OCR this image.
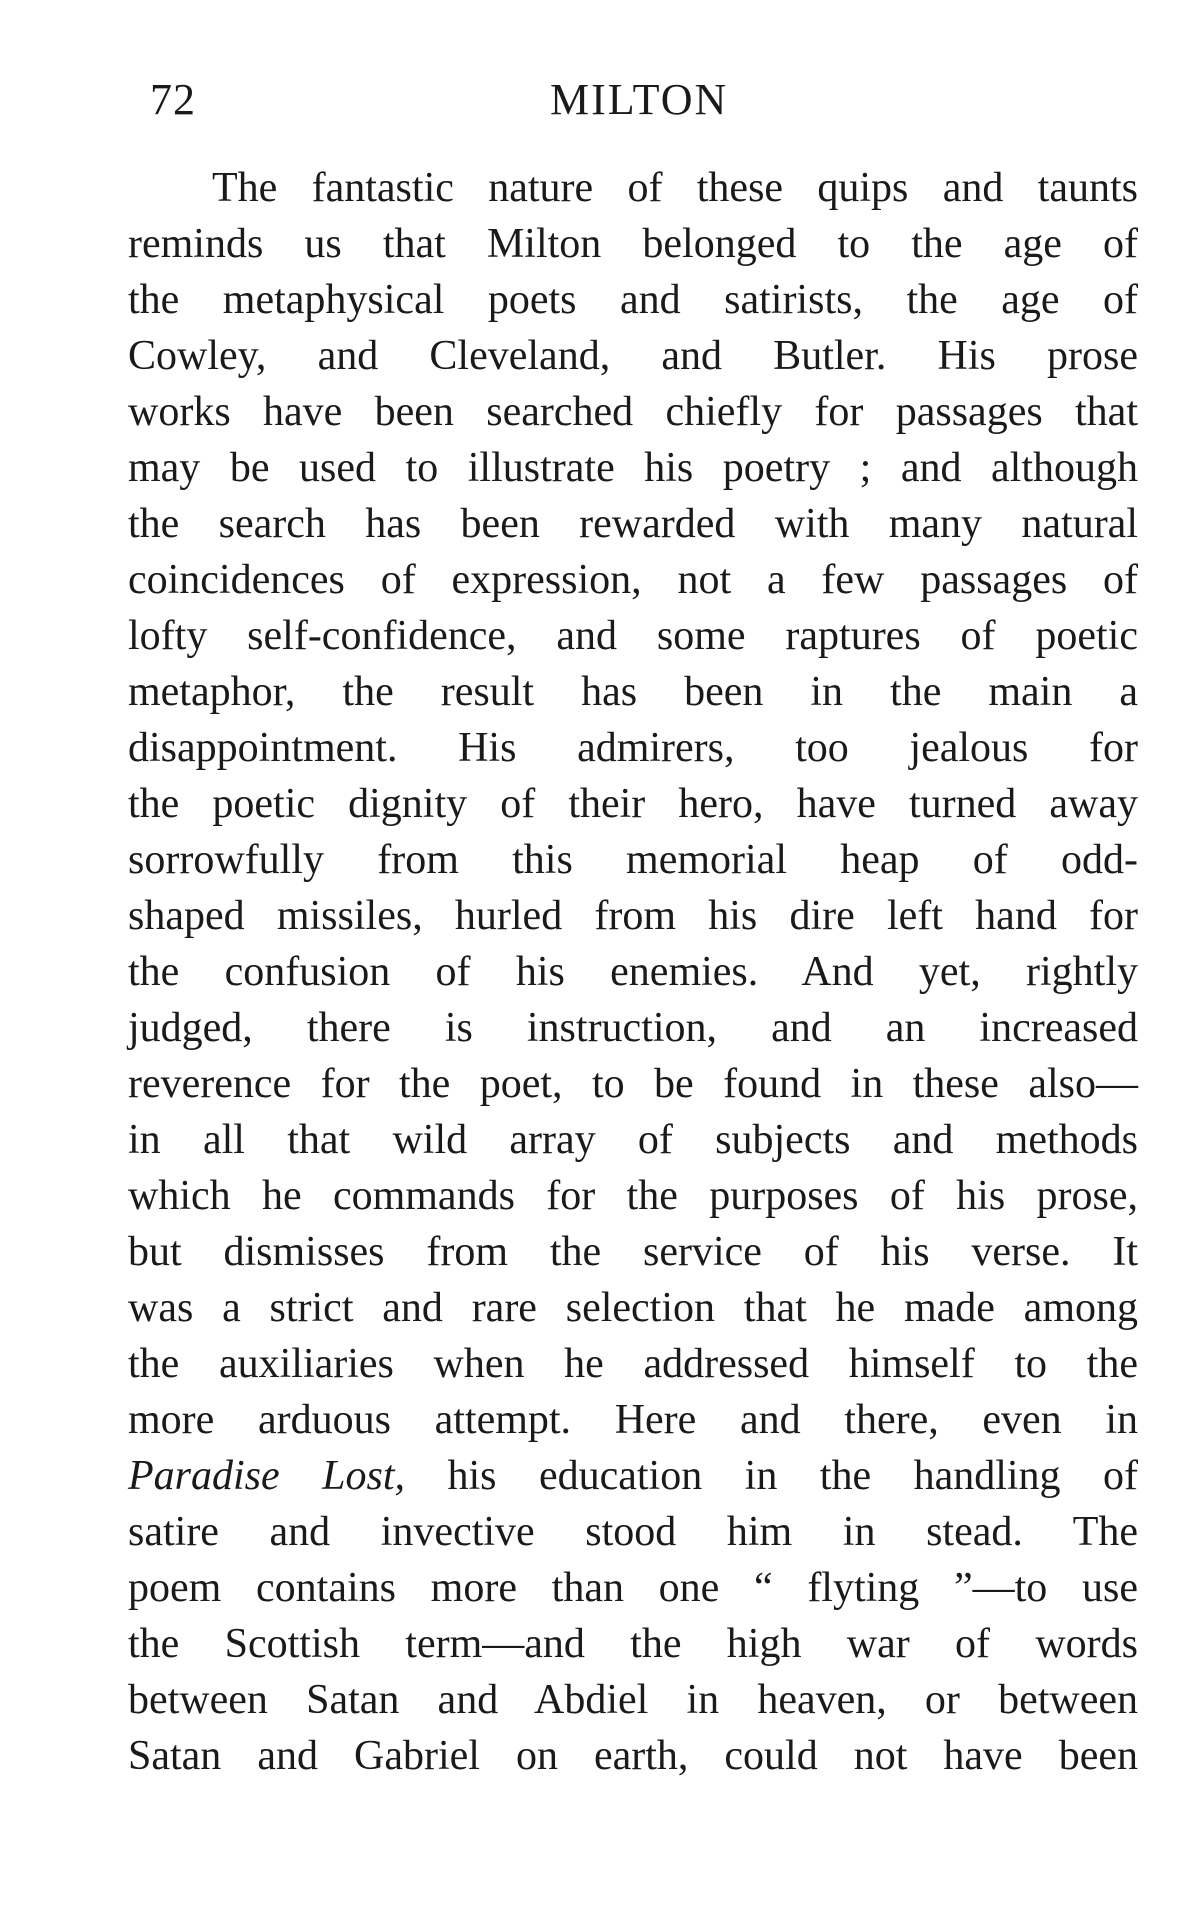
72	MILTON
The fantastic nature of these quips and taunts
reminds us that Milton belonged to the age of
the metaphysical poets and satirists, the age of
Cowley, and Cleveland, and Butler. His prose
works have been searched chiefly for passages that
may be used to illustrate his poetry ; and although
the search has been rewarded with many natural
coincidences of expression, not a few passages of
lofty self-confidence, and some raptures of poetic
metaphor, the result has been in the main a
disappointment. His admirers, too jealous for
the poetic dignity of their hero, have turned away
sorrowfully from this memorial heap of odd-
shaped missiles, hurled from his dire left hand for
the confusion of his enemies. And yet, rightly
judged, there is instruction, and an increased
reverence for the poet, to be found in these also—
in all that wild array of subjects and methods
which he commands for the purposes of his prose,
but dismisses from the service of his verse. It
was a strict and rare selection that he made among
the auxiliaries when he addressed himself to the
more arduous attempt. Here and there, even in
Paradise Lost, his education in the handling of
satire and invective stood him in stead. The
poem contains more than one “ flyting ”—to use
the Scottish term—and the high war of words
between Satan and Abdiel in heaven, or between
Satan and Gabriel on earth, could not have been
